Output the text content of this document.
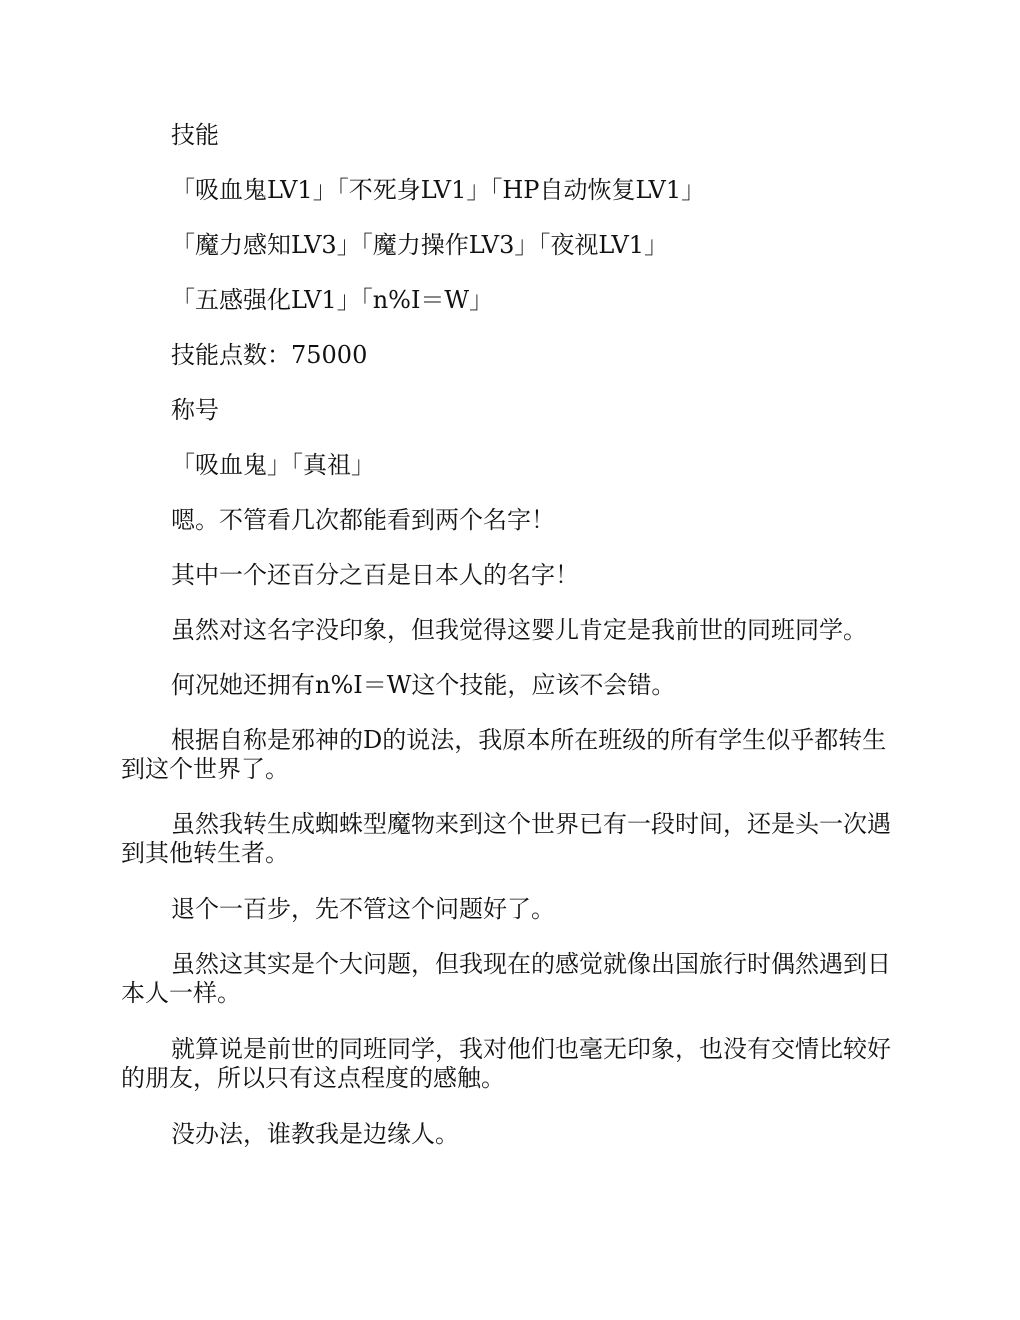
技能
「吸血鬼LV1」「不死身LV1」「HP自动恢复LV1」
「魔力感知LV3」「魔力操作LV3」「夜视LV1」
「五感强化LV1」「n%I＝W」
技能点数：75000
称号
「吸血鬼」「真祖」
嗯。不管看几次都能看到两个名字！
其中一个还百分之百是日本人的名字！
虽然对这名字没印象，但我觉得这婴儿肯定是我前世的同班同学。
何况她还拥有n%I＝W这个技能，应该不会错。
根据自称是邪神的D的说法，我原本所在班级的所有学生似乎都转生到这个世界了。
虽然我转生成蜘蛛型魔物来到这个世界已有一段时间，还是头一次遇到其他转生者。
退个一百步，先不管这个问题好了。
虽然这其实是个大问题，但我现在的感觉就像出国旅行时偶然遇到日本人一样。
就算说是前世的同班同学，我对他们也毫无印象，也没有交情比较好的朋友，所以只有这点程度的感触。
没办法，谁教我是边缘人。
